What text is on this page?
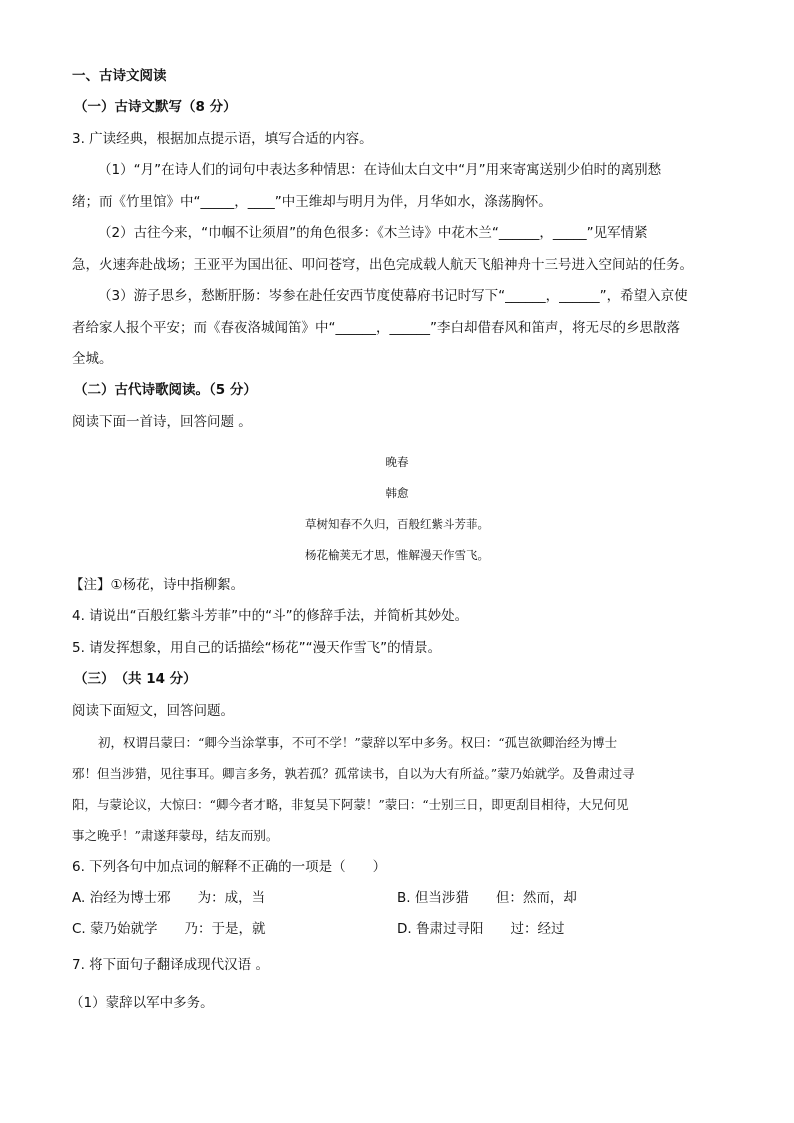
一、古诗文阅读
（一）古诗文默写（8 分）
3. 广读经典，根据加点提示语，填写合适的内容。
（1）“月”在诗人们的词句中表达多种情思：在诗仙太白文中“月”用来寄寓送别少伯时的离别愁
绪；而《竹里馆》中“_____，____”中王维却与明月为伴，月华如水，涤荡胸怀。
（2）古往今来，“巾帼不让须眉”的角色很多：《木兰诗》中花木兰“______，_____”见军情紧
急，火速奔赴战场；王亚平为国出征、叩问苍穹，出色完成载人航天飞船神舟十三号进入空间站的任务。
（3）游子思乡，愁断肝肠：岑参在赴任安西节度使幕府书记时写下“______，______”，希望入京使
者给家人报个平安；而《春夜洛城闻笛》中“______，______”李白却借春风和笛声，将无尽的乡思散落
全城。
（二）古代诗歌阅读。（5 分）
阅读下面一首诗，回答问题 。
晚春
韩愈
草树知春不久归，百般红紫斗芳菲。
杨花榆荚无才思，惟解漫天作雪飞。
【注】①杨花，诗中指柳絮。
4. 请说出“百般红紫斗芳菲”中的“斗”的修辞手法，并简析其妙处。
5. 请发挥想象，用自己的话描绘“杨花”“漫天作雪飞”的情景。
（三）　（共 14 分）
阅读下面短文，回答问题。
初，权谓吕蒙曰：“卿今当涂掌事，不可不学！”蒙辞以军中多务。权曰：“孤岂欲卿治经为博士
邪！但当涉猎，见往事耳。卿言多务，孰若孤？孤常读书，自以为大有所益。”蒙乃始就学。及鲁肃过寻
阳，与蒙论议，大惊曰：“卿今者才略，非复吴下阿蒙！”蒙曰：“士别三日，即更刮目相待，大兄何见
事之晚乎！”肃遂拜蒙母，结友而别。
6. 下列各句中加点词的解释不正确的一项是（　　）
A. 治经为博士邪　　为：成，当	B. 但当涉猎　　但：然而，却
C. 蒙乃始就学　　乃：于是，就	D. 鲁肃过寻阳　　过：经过
7. 将下面句子翻译成现代汉语 。
（1）蒙辞以军中多务。
